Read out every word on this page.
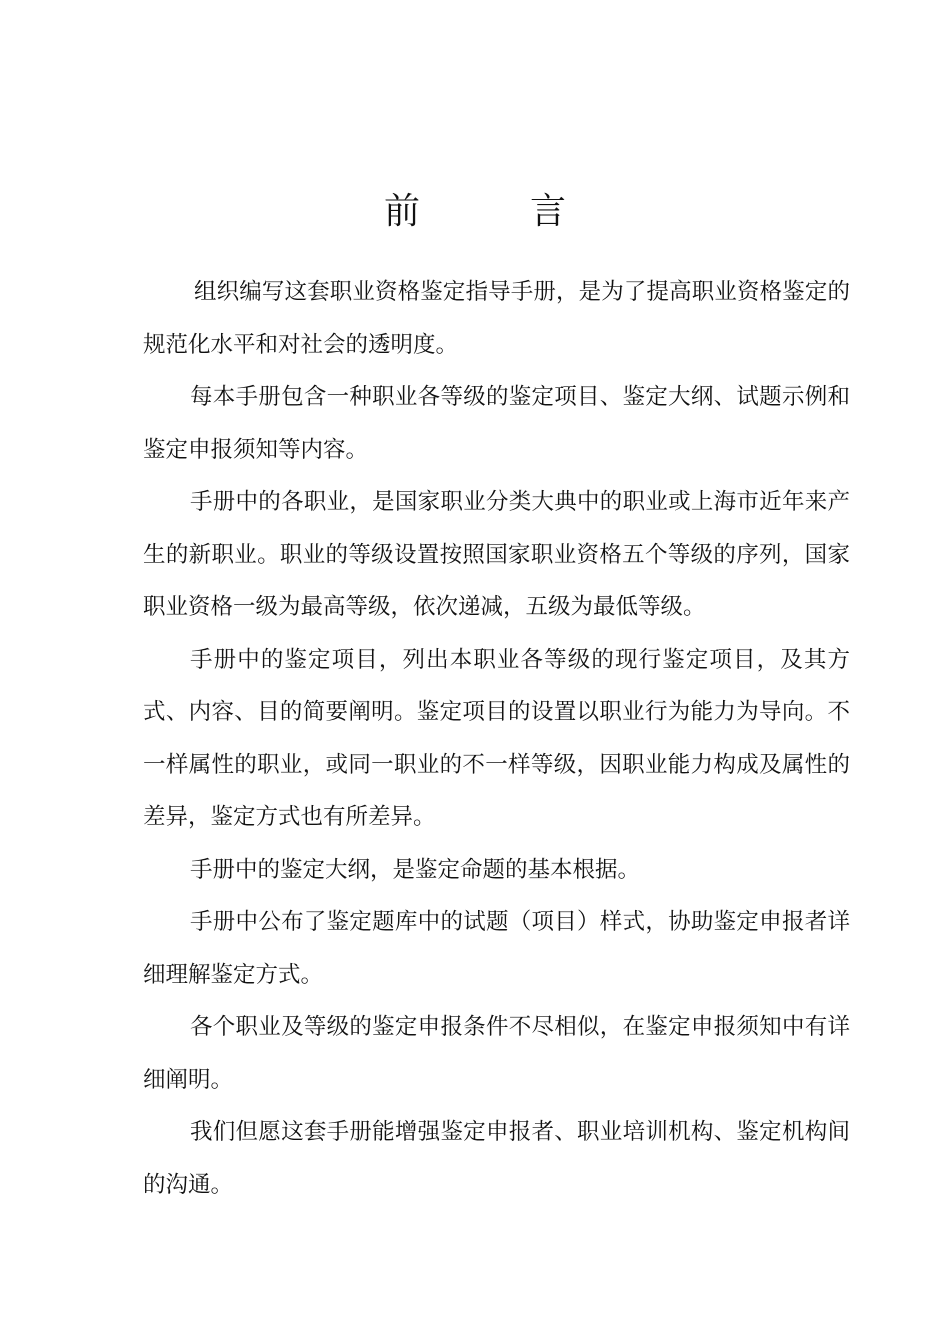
前言

组织编写这套职业资格鉴定指导手册，是为了提高职业资格鉴定的规范化水平和对社会的透明度。

每本手册包含一种职业各等级的鉴定项目、鉴定大纲、试题示例和鉴定申报须知等内容。

手册中的各职业，是国家职业分类大典中的职业或上海市近年来产生的新职业。职业的等级设置按照国家职业资格五个等级的序列，国家职业资格一级为最高等级，依次递减，五级为最低等级。

手册中的鉴定项目，列出本职业各等级的现行鉴定项目，及其方式、内容、目的简要阐明。鉴定项目的设置以职业行为能力为导向。不一样属性的职业，或同一职业的不一样等级，因职业能力构成及属性的差异，鉴定方式也有所差异。

手册中的鉴定大纲，是鉴定命题的基本根据。

手册中公布了鉴定题库中的试题（项目）样式，协助鉴定申报者详细理解鉴定方式。

各个职业及等级的鉴定申报条件不尽相似，在鉴定申报须知中有详细阐明。

我们但愿这套手册能增强鉴定申报者、职业培训机构、鉴定机构间的沟通。
